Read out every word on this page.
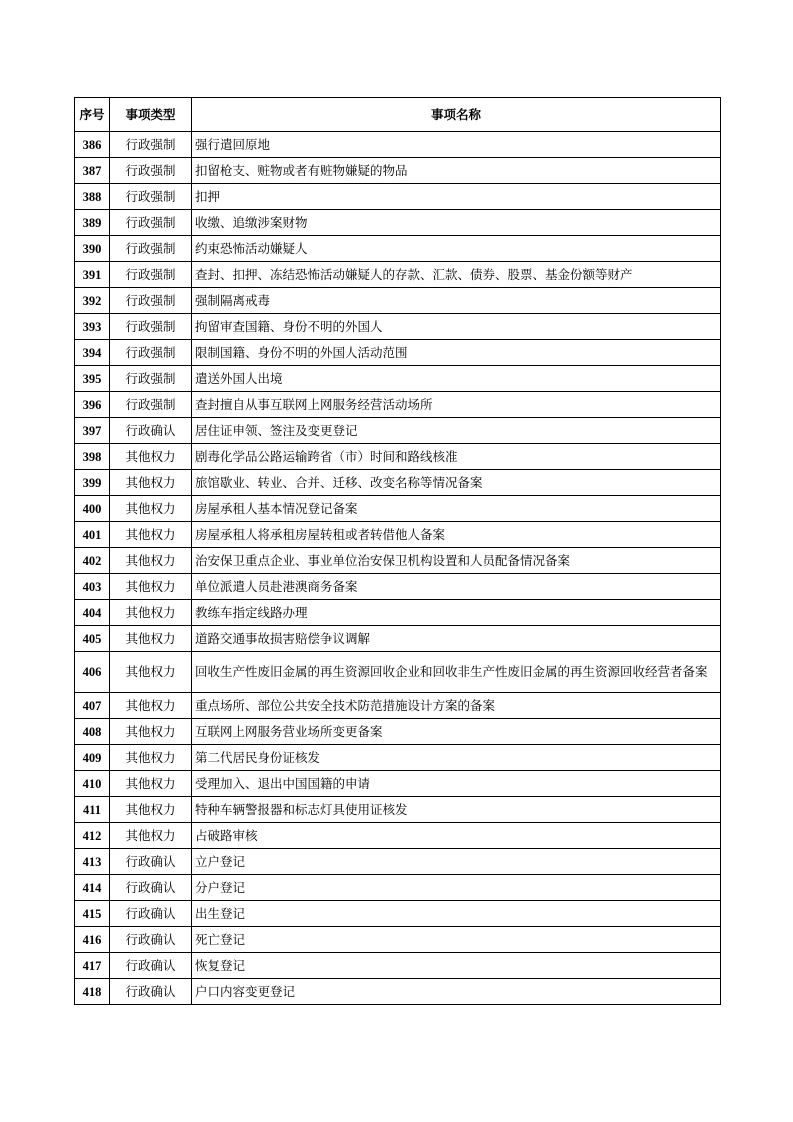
序号	事项类型	事项名称
386	行政强制	强行遣回原地
387	行政强制	扣留枪支、赃物或者有赃物嫌疑的物品
388	行政强制	扣押
389	行政强制	收缴、追缴涉案财物
390	行政强制	约束恐怖活动嫌疑人
391	行政强制	查封、扣押、冻结恐怖活动嫌疑人的存款、汇款、债券、股票、基金份额等财产
392	行政强制	强制隔离戒毒
393	行政强制	拘留审查国籍、身份不明的外国人
394	行政强制	限制国籍、身份不明的外国人活动范围
395	行政强制	遣送外国人出境
396	行政强制	查封擅自从事互联网上网服务经营活动场所
397	行政确认	居住证申领、签注及变更登记
398	其他权力	剧毒化学品公路运输跨省（市）时间和路线核准
399	其他权力	旅馆歇业、转业、合并、迁移、改变名称等情况备案
400	其他权力	房屋承租人基本情况登记备案
401	其他权力	房屋承租人将承租房屋转租或者转借他人备案
402	其他权力	治安保卫重点企业、事业单位治安保卫机构设置和人员配备情况备案
403	其他权力	单位派遣人员赴港澳商务备案
404	其他权力	教练车指定线路办理
405	其他权力	道路交通事故损害赔偿争议调解
406	其他权力	回收生产性废旧金属的再生资源回收企业和回收非生产性废旧金属的再生资源回收经营者备案
407	其他权力	重点场所、部位公共安全技术防范措施设计方案的备案
408	其他权力	互联网上网服务营业场所变更备案
409	其他权力	第二代居民身份证核发
410	其他权力	受理加入、退出中国国籍的申请
411	其他权力	特种车辆警报器和标志灯具使用证核发
412	其他权力	占破路审核
413	行政确认	立户登记
414	行政确认	分户登记
415	行政确认	出生登记
416	行政确认	死亡登记
417	行政确认	恢复登记
418	行政确认	户口内容变更登记
